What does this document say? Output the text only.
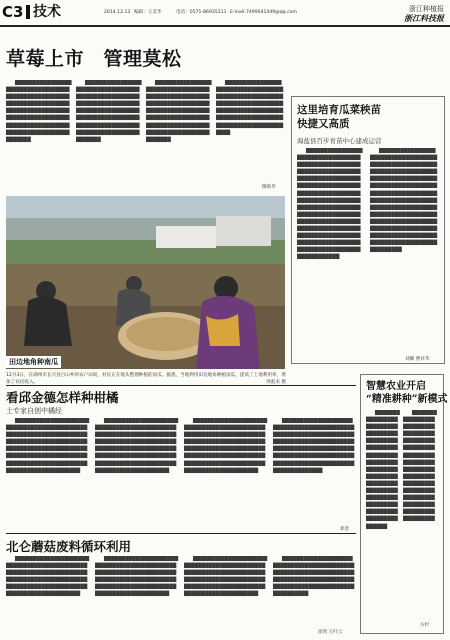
C3 技术	2014.12.13 编辑：王美华	电话：0571-86935111 E-mail:7499041449@qq.com	浙江种植报
浙江科技报
草莓上市　管理莫松

█████████████████████████████████████████████████████████████████████████████████████████████████████████████████████████████████████████████████████

█████████████████████████████████████████████████████████████████████████████████████████████████████████████████████████████████████████████████████

█████████████████████████████████████████████████████████████████████████████████████████████████████████████████████████████████████████████████████

██████████████████████████████████████████████████████████████████████████████████████████████████████████████████████████████████████

缪新华
田边地角种南瓜
12月3日，在湖州市长兴县吕山乡的农户田间，村民正在地头整理种植的南瓜。据悉，当地利用田边地角种植南瓜，提高了土地利用率，增加了农民收入。	周彪来 摄
这里培育瓜菜秧苗
快捷又高质
海盐县百步育苗中心建成运营

████████████████████████████████████████████████████████████████████████████████████████████████████████████████████████████████████████████████████████████████████████████████████████████████████████████████████████████████████████████████████████████████████████████████████████

████████████████████████████████████████████████████████████████████████████████████████████████████████████████████████████████████████████████████████████████████████████████████████████████████████████████████████████████████████████████████████████████████████████████

刘耀 曹祥华
看邱金德怎样种柑橘
土专家自创中橘经

████████████████████████████████████████████████████████████████████████████████████████████████████████████████████████████████████████████████████████████████████████████████████

████████████████████████████████████████████████████████████████████████████████████████████████████████████████████████████████████████████████████████████████████████████████████

████████████████████████████████████████████████████████████████████████████████████████████████████████████████████████████████████████████████████████████████████████████████████

████████████████████████████████████████████████████████████████████████████████████████████████████████████████████████████████████████████████████████████████████████████

郑金
北仑蘑菇废料循环利用

██████████████████████████████████████████████████████████████████████████████████████████████████████████████████████████████████████

██████████████████████████████████████████████████████████████████████████████████████████████████████████████████████████████████████

██████████████████████████████████████████████████████████████████████████████████████████████████████████████████████████████████████

██████████████████████████████████████████████████████████████████████████████████████████████████████████████████████████

徐剑 王叶云
智慧农业开启
“精准耕种”新模式

████████████████████████████████████████████████████████████████████████████████████████████████████████████████████████████████████████████████████

██████████████████████████████████████████████████████████████████████████████████████████████████████████████████████████████████████████████

方杉
